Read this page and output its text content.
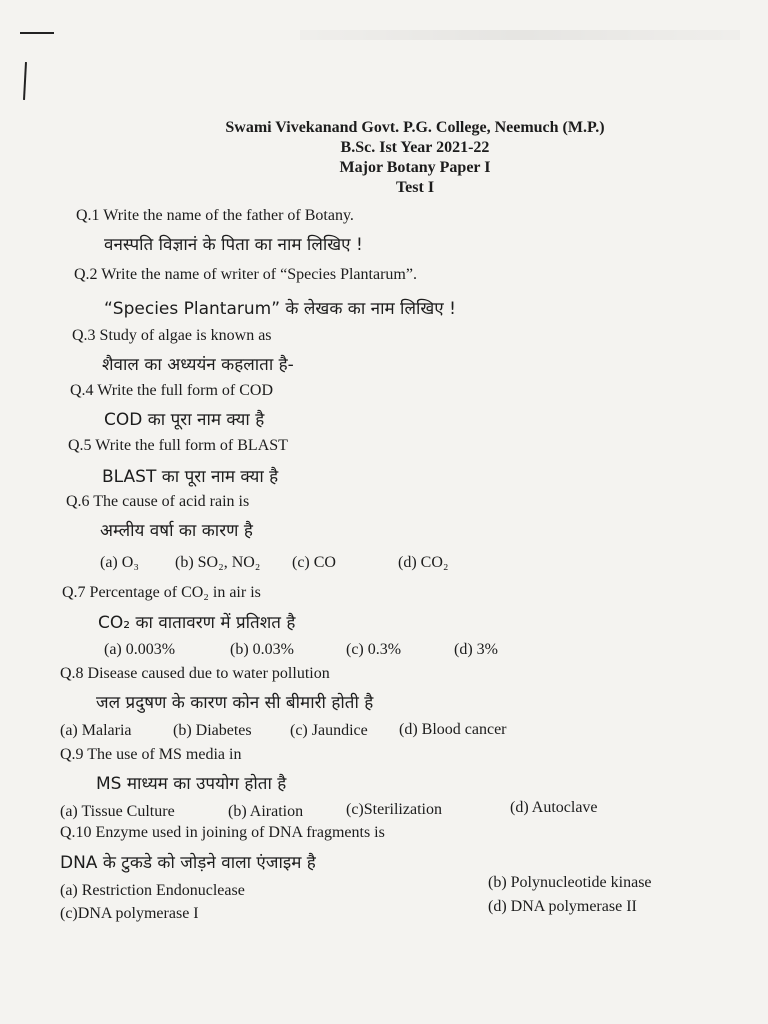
Swami Vivekanand Govt. P.G. College, Neemuch (M.P.)
B.Sc. Ist Year 2021-22
Major Botany Paper I
Test I
Q.1 Write the name of the father of Botany.
वनस्पति विज्ञानं के पिता का नाम लिखिए !
Q.2 Write the name of writer of “Species Plantarum”.
“Species Plantarum” के लेखक का नाम लिखिए !
Q.3 Study of algae is known as
शैवाल का अध्ययंन कहलाता है-
Q.4 Write the full form of COD
COD का पूरा नाम क्या है
Q.5 Write the full form of BLAST
BLAST का पूरा नाम क्या है
Q.6 The cause of acid rain is
अम्लीय वर्षा का कारण है
(a) O₃ (b) SO₂, NO₂ (c) CO	(d) CO₂
Q.7 Percentage of CO₂ in air is
CO₂ का वातावरण में प्रतिशत है
(a) 0.003%	(b) 0.03%	(c) 0.3%	(d) 3%
Q.8 Disease caused due to water pollution
जल प्रदुषण के कारण कोन सी बीमारी होती है
(a) Malaria	(b) Diabetes (c) Jaundice (d) Blood cancer
Q.9 The use of MS media in
MS माध्यम का उपयोग होता है
(a) Tissue Culture	(b) Airation	(c)Sterilization	(d) Autoclave
Q.10 Enzyme used in joining of DNA fragments is
DNA के टुकडे को जोड़ने वाला एंजाइम है
(a) Restriction Endonuclease	(b) Polynucleotide kinase
(c)DNA polymerase I	(d) DNA polymerase II
